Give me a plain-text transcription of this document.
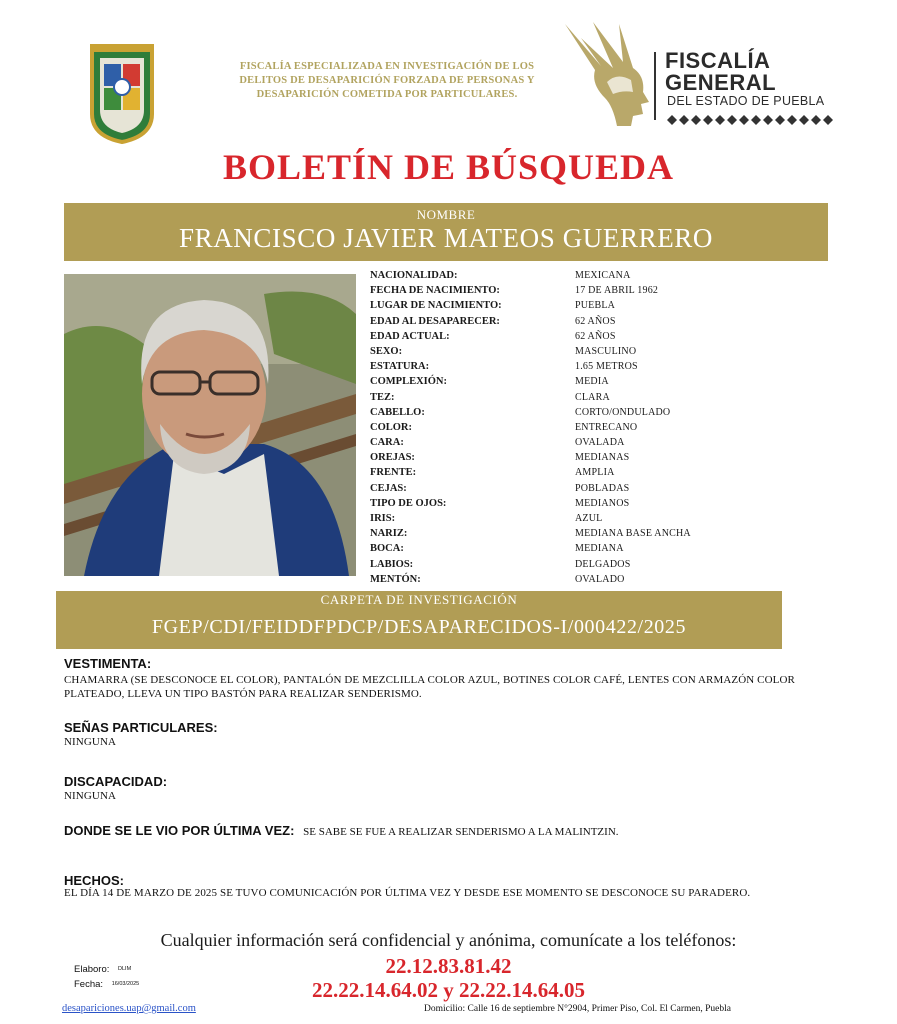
FISCALÍA ESPECIALIZADA EN INVESTIGACIÓN DE LOS DELITOS DE DESAPARICIÓN FORZADA DE PERSONAS Y DESAPARICIÓN COMETIDA POR PARTICULARES.
FISCALÍA
GENERAL
DEL ESTADO DE PUEBLA
BOLETÍN DE BÚSQUEDA
NOMBRE
FRANCISCO JAVIER MATEOS GUERRERO
NACIONALIDAD:	MEXICANA
FECHA DE NACIMIENTO:	17 DE ABRIL 1962
LUGAR DE NACIMIENTO:	PUEBLA
EDAD AL DESAPARECER:	62 AÑOS
EDAD ACTUAL:	62 AÑOS
SEXO:	MASCULINO
ESTATURA:	1.65 METROS
COMPLEXIÓN:	MEDIA
TEZ:	CLARA
CABELLO:	CORTO/ONDULADO
COLOR:	ENTRECANO
CARA:	OVALADA
OREJAS:	MEDIANAS
FRENTE:	AMPLIA
CEJAS:	POBLADAS
TIPO DE OJOS:	MEDIANOS
IRIS:	AZUL
NARIZ:	MEDIANA BASE ANCHA
BOCA:	MEDIANA
LABIOS:	DELGADOS
MENTÓN:	OVALADO
CARPETA DE INVESTIGACIÓN
FGEP/CDI/FEIDDFPDCP/DESAPARECIDOS-I/000422/2025
VESTIMENTA:
CHAMARRA (SE DESCONOCE EL COLOR), PANTALÓN DE MEZCLILLA COLOR AZUL, BOTINES COLOR CAFÉ, LENTES CON ARMAZÓN COLOR PLATEADO, LLEVA UN TIPO BASTÓN PARA REALIZAR SENDERISMO.
SEÑAS PARTICULARES:
NINGUNA
DISCAPACIDAD:
NINGUNA
DONDE SE LE VIO POR ÚLTIMA VEZ: SE SABE SE FUE A REALIZAR SENDERISMO A LA MALINTZIN.
HECHOS:
EL DÍA 14 DE MARZO DE 2025 SE TUVO COMUNICACIÓN POR ÚLTIMA VEZ Y DESDE ESE MOMENTO SE DESCONOCE SU PARADERO.
Cualquier información será confidencial y anónima, comunícate a los teléfonos:
22.12.83.81.42
22.22.14.64.02 y 22.22.14.64.05
Elaboro: DLIM
Fecha: 16/03/2025
desapariciones.uap@gmail.com	Domicilio: Calle 16 de septiembre N°2904, Primer Piso, Col. El Carmen, Puebla
